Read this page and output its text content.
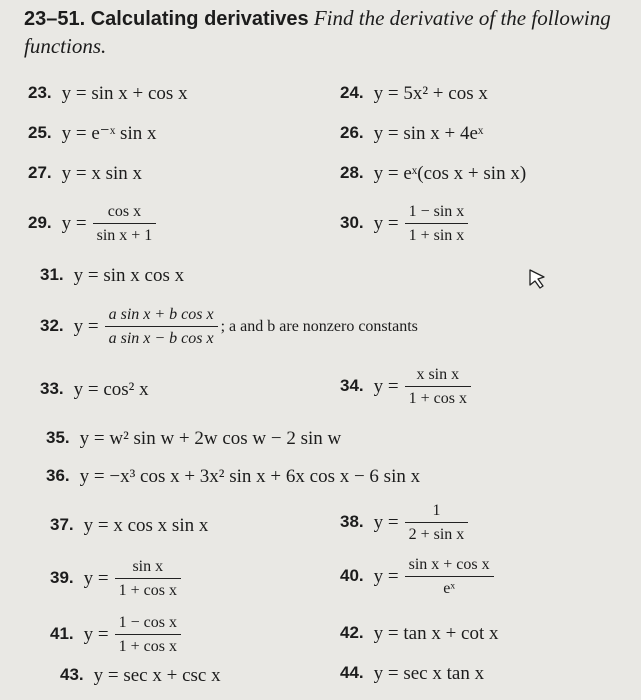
23–51. Calculating derivatives Find the derivative of the following
functions.
23. y = sin x + cos x	24. y = 5x² + cos x
25. y = e⁻ˣ sin x	26. y = sin x + 4eˣ
27. y = x sin x	28. y = eˣ(cos x + sin x)
29. $y = \frac{\text{cos x}}{\text{sin x + 1}}$	30. $y = \frac{\text{1 − sin x}}{\text{1 + sin x}}$
31. y = sin x cos x
32. $y = \frac{\text{a sin x + b cos x}}{\text{a sin x − b cos x}}$ ; a and b are nonzero constants
33. y = cos² x	34. $y = \frac{\text{x sin x}}{\text{1 + cos x}}$
35. y = w² sin w + 2w cos w − 2 sin w
36. y = −x³ cos x + 3x² sin x + 6x cos x − 6 sin x
37. y = x cos x sin x	38. $y = \frac{1}{\text{2 + sin x}}$
39. $y = \frac{\text{sin x}}{\text{1 + cos x}}$	40. $y = \frac{\text{sin x + cos x}}{\text{eˣ}}$
41. $y = \frac{\text{1 − cos x}}{\text{1 + cos x}}$	42. y = tan x + cot x
43. y = sec x + csc x	44. y = sec x tan x
